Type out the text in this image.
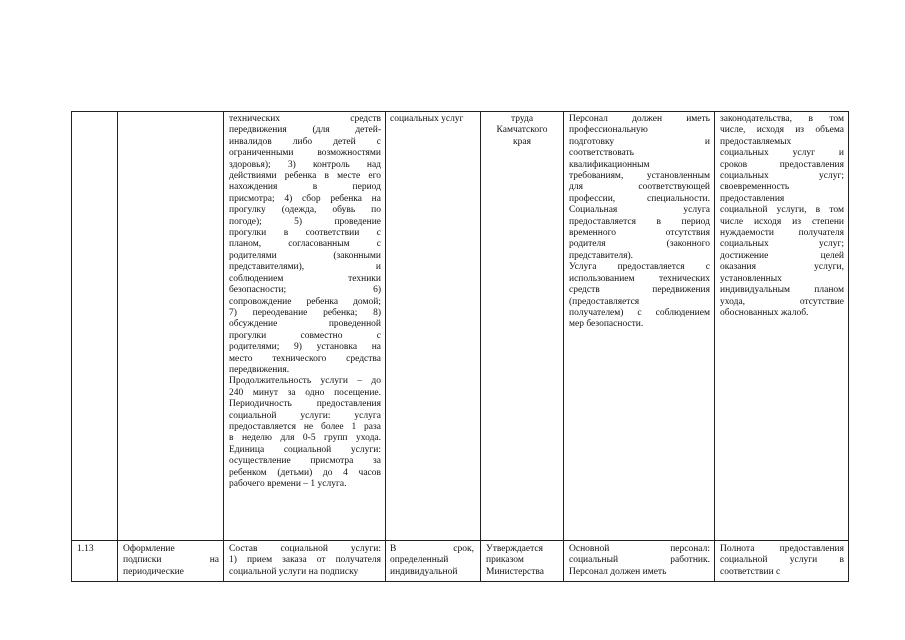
технических средств
передвижения (для детей-
инвалидов либо детей с
ограниченными возможностями
здоровья); 3) контроль над
действиями ребенка в месте его
нахождения в период
присмотра; 4) сбор ребенка на
прогулку (одежда, обувь по
погоде); 5) проведение
прогулки в соответствии с
планом, согласованным с
родителями (законными
представителями), и
соблюдением техники
безопасности; 6)
сопровождение ребенка домой;
7) переодевание ребенка; 8)
обсуждение проведенной
прогулки совместно с
родителями; 9) установка на
место технического средства
передвижения.
Продолжительность услуги – до
240 минут за одно посещение.
Периодичность предоставления
социальной услуги: услуга
предоставляется не более 1 раза
в неделю для 0-5 групп ухода.
Единица социальной услуги:
осуществление присмотра за
ребенком (детьми) до 4 часов
рабочего времени – 1 услуга.
социальных услуг	труда
Камчатского
края
Персонал должен иметь
профессиональную
подготовку и
соответствовать
квалификационным
требованиям, установленным
для соответствующей
профессии, специальности.
Социальная услуга
предоставляется в период
временного отсутствия
родителя (законного
представителя).
Услуга предоставляется с
использованием технических
средств передвижения
(предоставляется
получателем) с соблюдением
мер безопасности.
законодательства, в том
числе, исходя из объема
предоставляемых
социальных услуг и
сроков предоставления
социальных услуг;
своевременность
предоставления
социальной услуги, в том
числе исходя из степени
нуждаемости получателя
социальных услуг;
достижение целей
оказания услуги,
установленных
индивидуальным планом
ухода, отсутствие
обоснованных жалоб.
1.13	Оформление
подписки на
периодические
Состав социальной услуги:
1) прием заказа от получателя
социальной услуги на подписку
В срок,
определенный
индивидуальной
Утверждается
приказом
Министерства
Основной персонал:
социальный работник.
Персонал должен иметь
Полнота предоставления
социальной услуги в
соответствии с
